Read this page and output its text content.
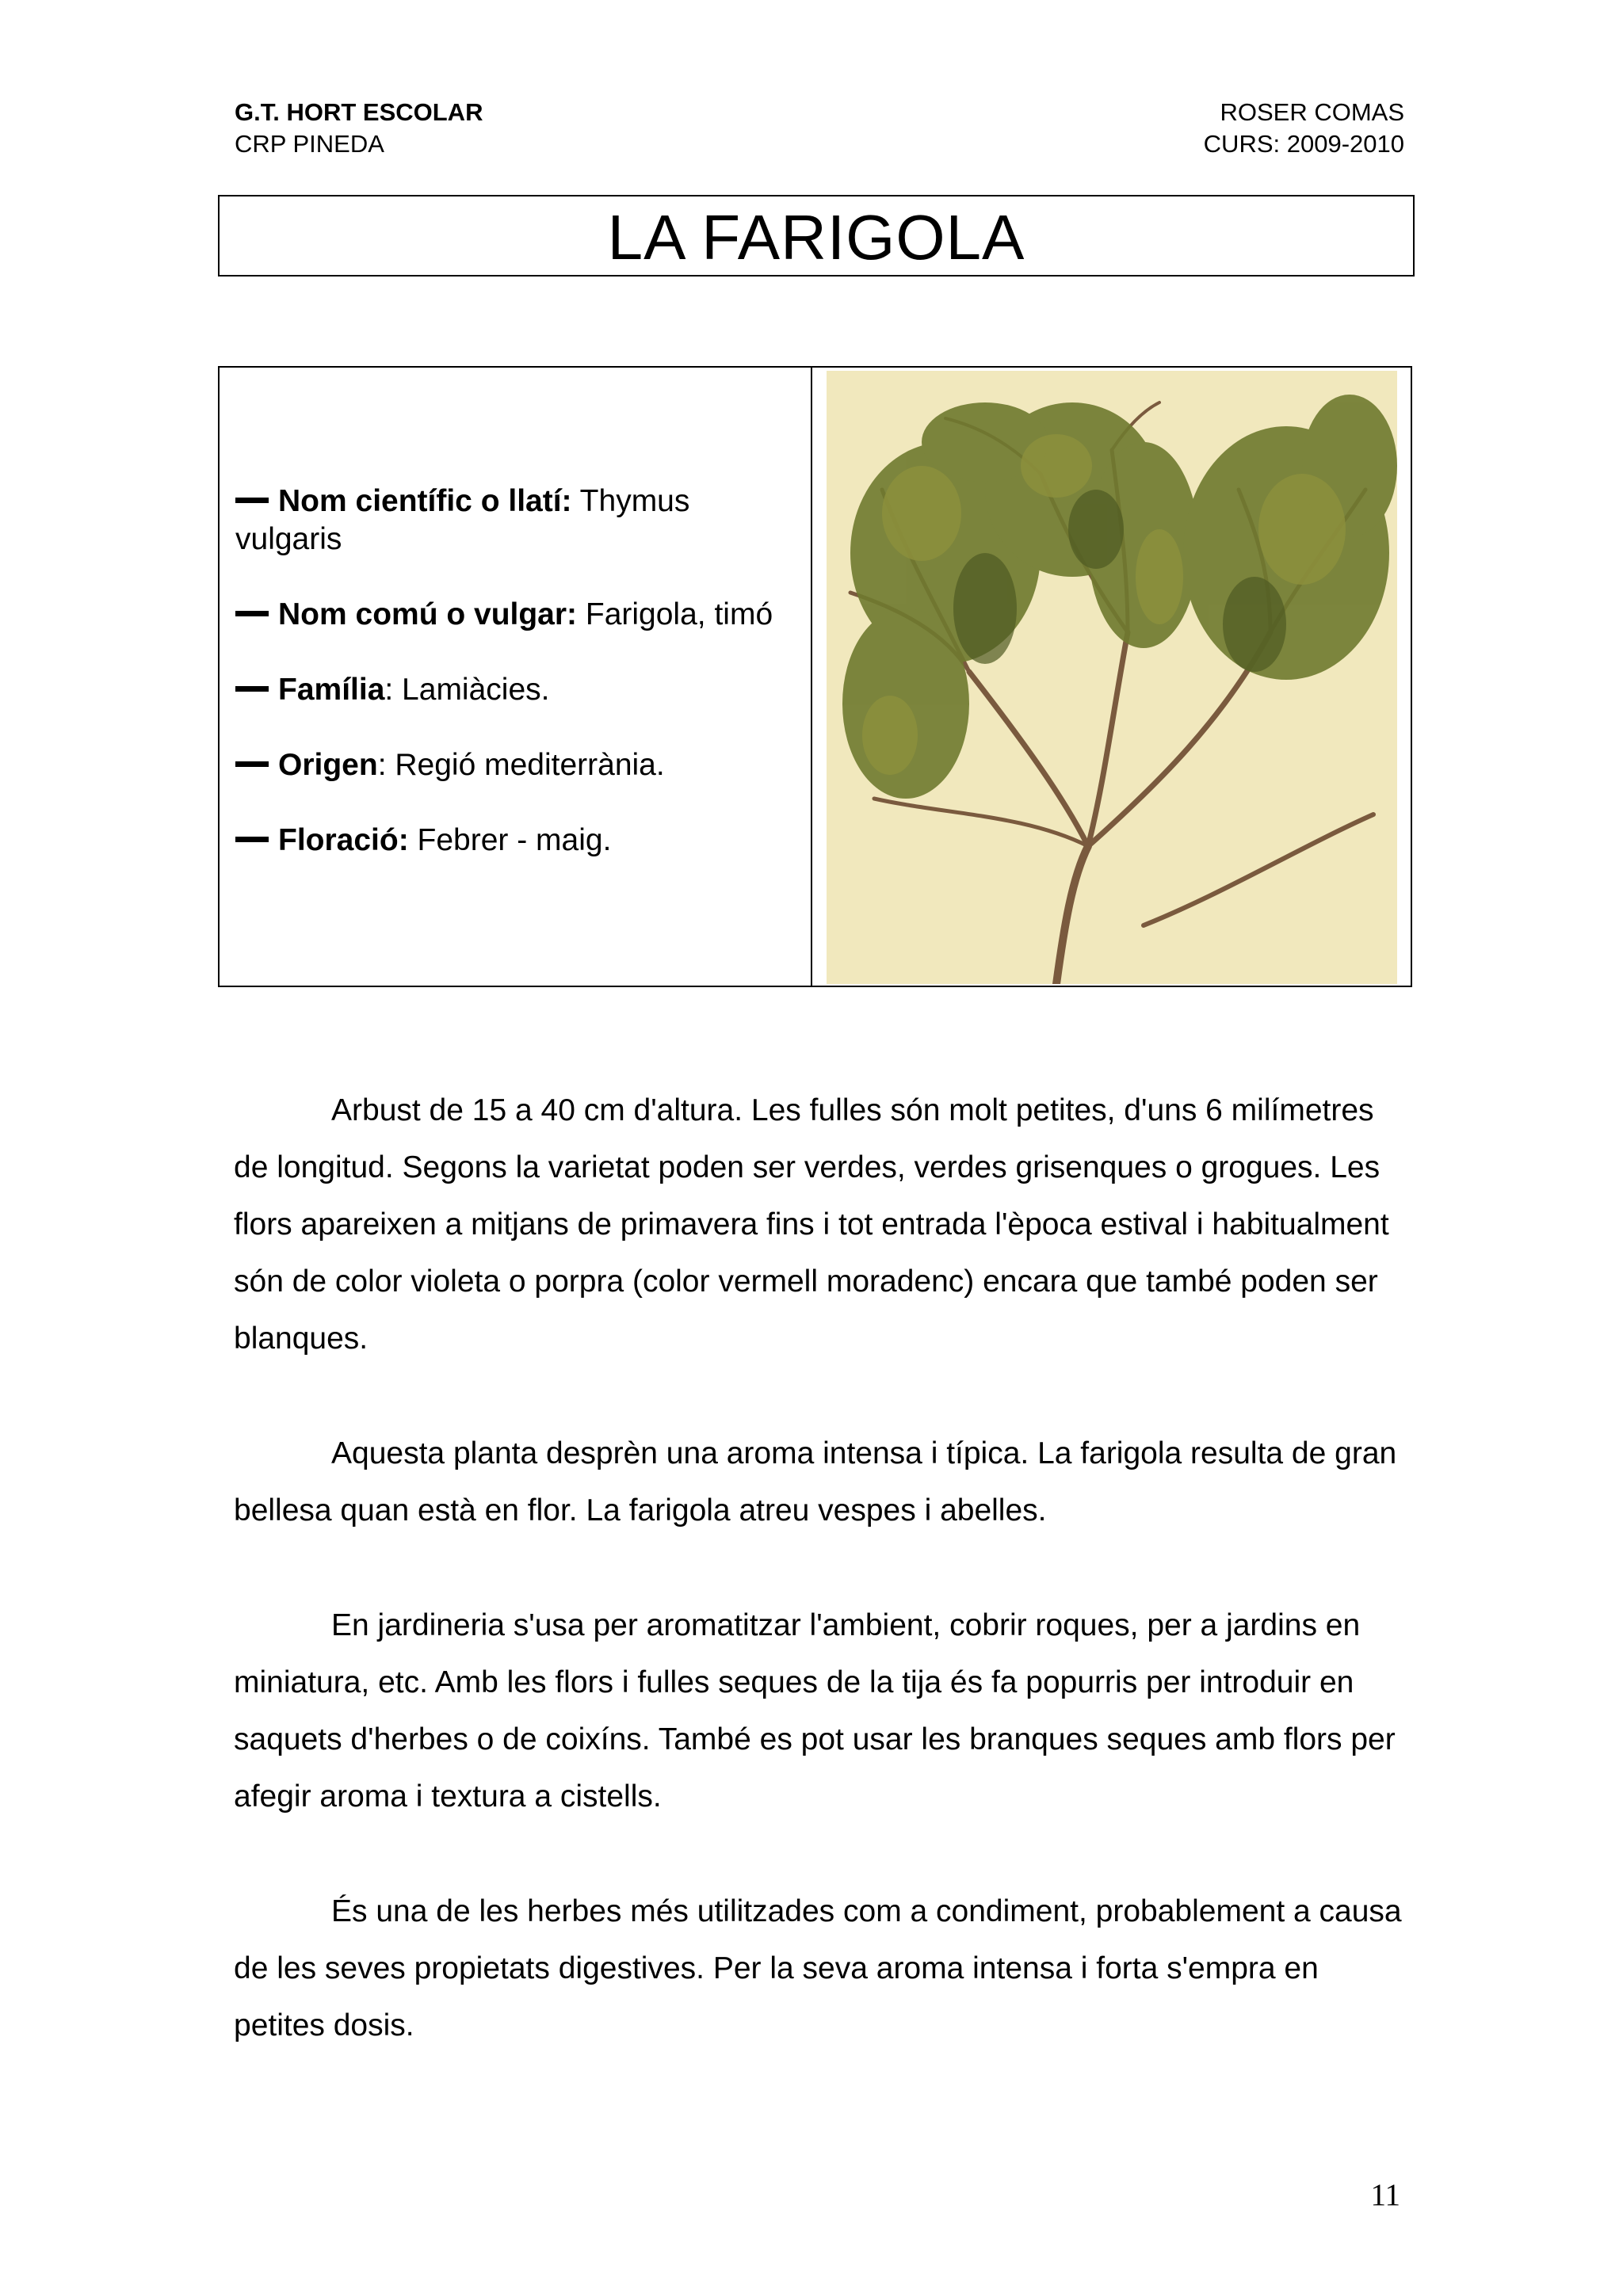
G.T. HORT ESCOLAR
CRP PINEDA
ROSER COMAS
CURS: 2009-2010
LA FARIGOLA
Nom científic o llatí: Thymus vulgaris
Nom comú o vulgar: Farigola, timó
Família: Lamiàcies.
Origen: Regió mediterrània.
Floració: Febrer - maig.

Arbust de 15 a 40 cm d'altura. Les fulles són molt petites, d'uns 6 milímetres de longitud. Segons la varietat poden ser verdes, verdes grisenques o grogues. Les flors apareixen a mitjans de primavera fins i tot entrada l'època estival i habitualment són de color violeta o porpra (color vermell moradenc) encara que també poden ser blanques.

Aquesta planta desprèn una aroma intensa i típica. La farigola resulta de gran bellesa quan està en flor. La farigola atreu vespes i abelles.

En jardineria s'usa per aromatitzar l'ambient, cobrir roques, per a jardins en miniatura, etc. Amb les flors i fulles seques de la tija és fa popurris per introduir en saquets d'herbes o de coixíns. També es pot usar les branques seques amb flors per afegir aroma i textura a cistells.

És una de les herbes més utilitzades com a condiment, probablement a causa de les seves propietats digestives. Per la seva aroma intensa i forta s'empra en petites dosis.

11
